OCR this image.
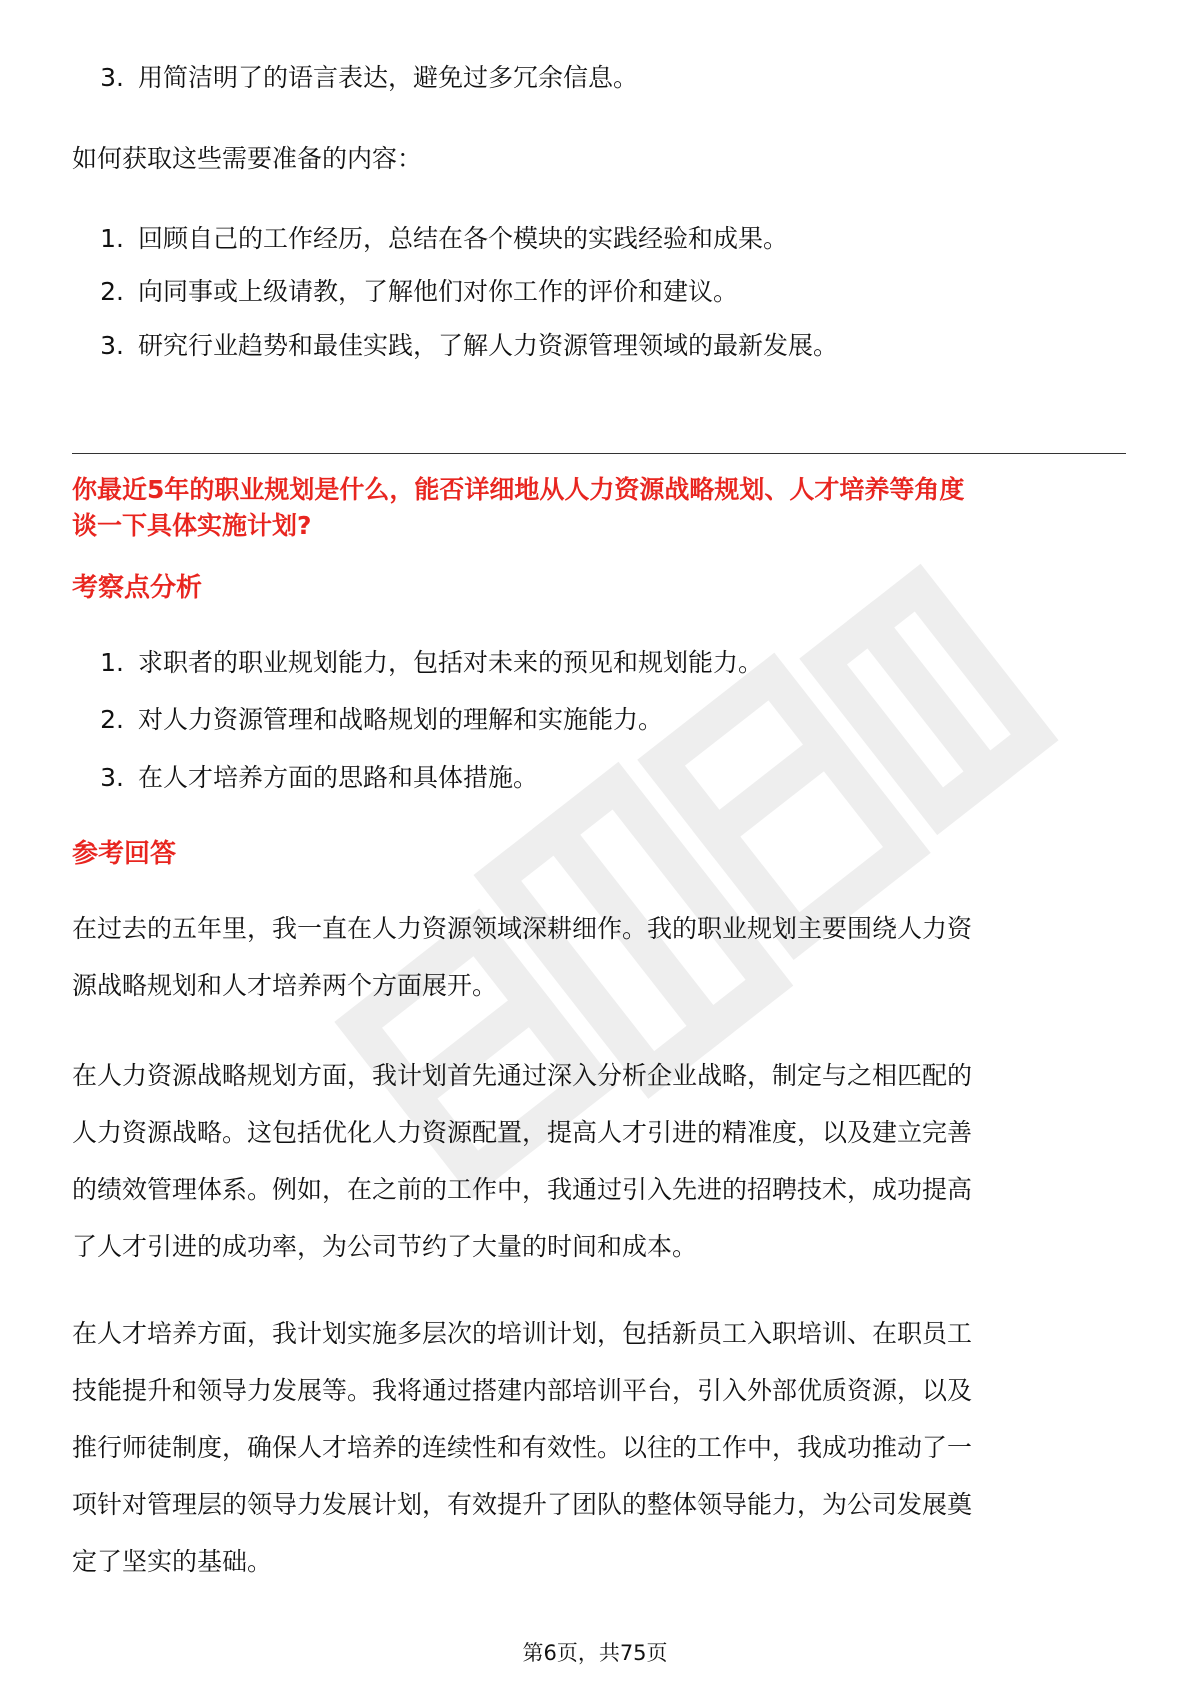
3. 用简洁明了的语言表达，避免过多冗余信息。
如何获取这些需要准备的内容：
1. 回顾自己的工作经历，总结在各个模块的实践经验和成果。
2. 向同事或上级请教，了解他们对你工作的评价和建议。
3. 研究行业趋势和最佳实践，了解人力资源管理领域的最新发展。
你最近5年的职业规划是什么，能否详细地从人力资源战略规划、人才培养等角度
谈一下具体实施计划?
考察点分析
1. 求职者的职业规划能力，包括对未来的预见和规划能力。
2. 对人力资源管理和战略规划的理解和实施能力。
3. 在人才培养方面的思路和具体措施。
参考回答
在过去的五年里，我一直在人力资源领域深耕细作。我的职业规划主要围绕人力资
源战略规划和人才培养两个方面展开。
在人力资源战略规划方面，我计划首先通过深入分析企业战略，制定与之相匹配的
人力资源战略。这包括优化人力资源配置，提高人才引进的精准度，以及建立完善
的绩效管理体系。例如，在之前的工作中，我通过引入先进的招聘技术，成功提高
了人才引进的成功率，为公司节约了大量的时间和成本。
在人才培养方面，我计划实施多层次的培训计划，包括新员工入职培训、在职员工
技能提升和领导力发展等。我将通过搭建内部培训平台，引入外部优质资源，以及
推行师徒制度，确保人才培养的连续性和有效性。以往的工作中，我成功推动了一
项针对管理层的领导力发展计划，有效提升了团队的整体领导能力，为公司发展奠
定了坚实的基础。
第6页，共75页
